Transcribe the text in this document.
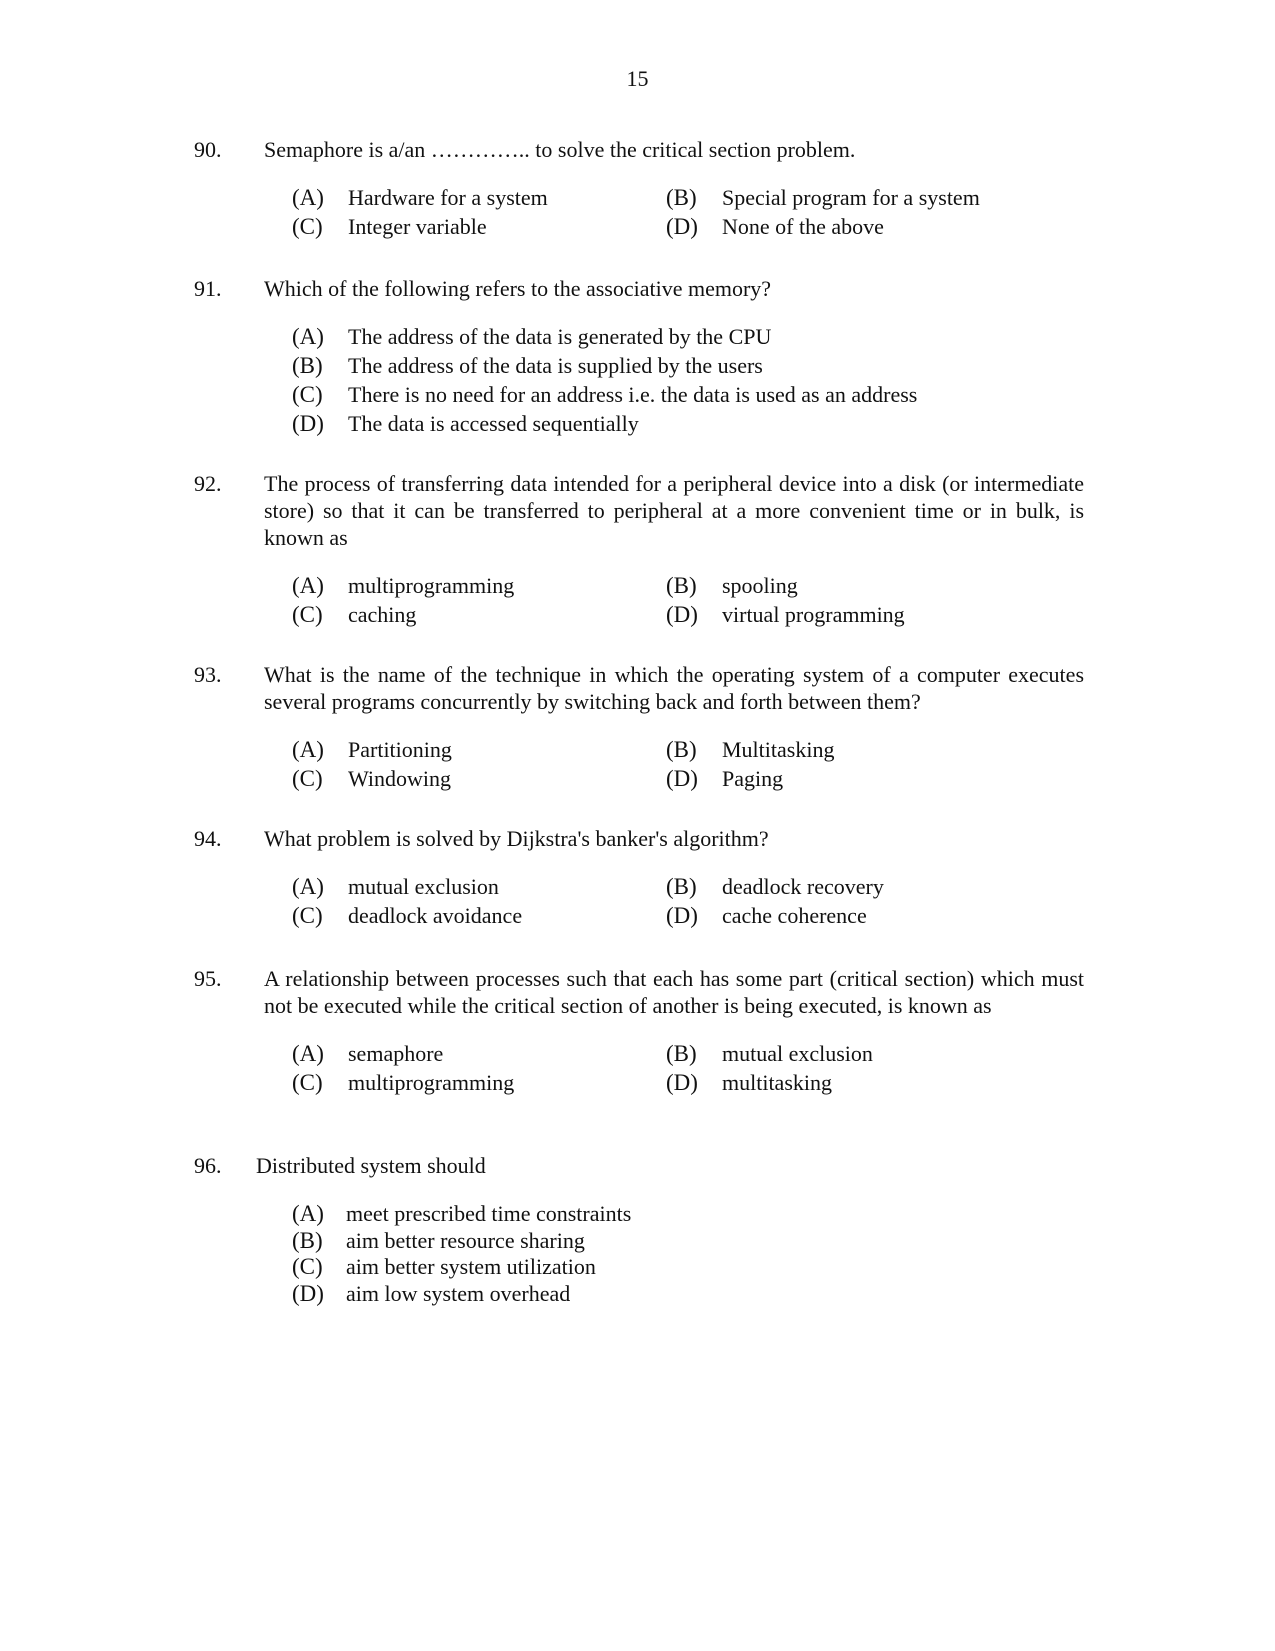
15
90. Semaphore is a/an ………….. to solve the critical section problem.
(A) Hardware for a system	(B) Special program for a system
(C) Integer variable	(D) None of the above
91. Which of the following refers to the associative memory?
(A) The address of the data is generated by the CPU
(B) The address of the data is supplied by the users
(C) There is no need for an address i.e. the data is used as an address
(D) The data is accessed sequentially
92. The process of transferring data intended for a peripheral device into a disk (or intermediate store) so that it can be transferred to peripheral at a more convenient time or in bulk, is known as
(A) multiprogramming	(B) spooling
(C) caching	(D) virtual programming
93. What is the name of the technique in which the operating system of a computer executes several programs concurrently by switching back and forth between them?
(A) Partitioning	(B) Multitasking
(C) Windowing	(D) Paging
94. What problem is solved by Dijkstra's banker's algorithm?
(A) mutual exclusion	(B) deadlock recovery
(C) deadlock avoidance	(D) cache coherence
95. A relationship between processes such that each has some part (critical section) which must not be executed while the critical section of another is being executed, is known as
(A) semaphore	(B) mutual exclusion
(C) multiprogramming	(D) multitasking
96. Distributed system should
(A) meet prescribed time constraints
(B) aim better resource sharing
(C) aim better system utilization
(D) aim low system overhead
